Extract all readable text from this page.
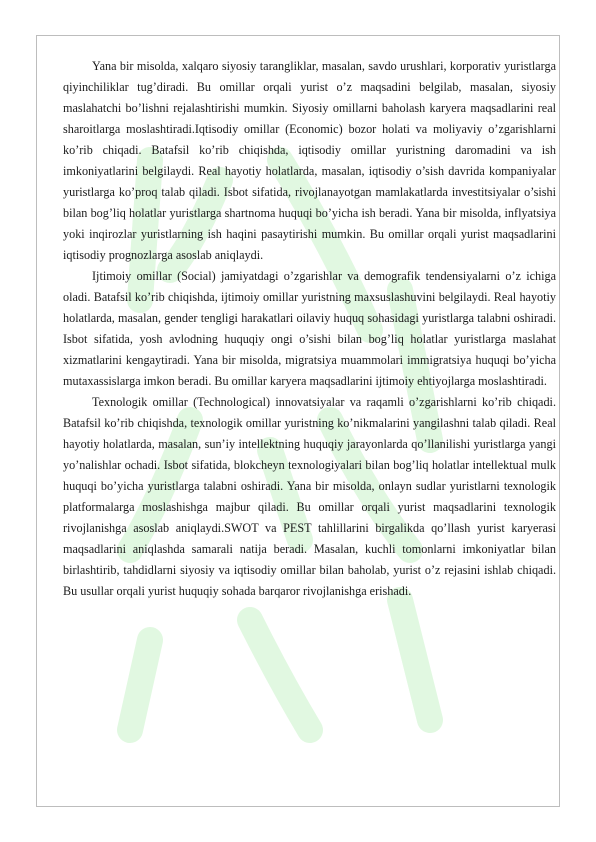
Yana bir misolda, xalqaro siyosiy tarangliklar, masalan, savdo urushlari, korporativ yuristlarga qiyinchiliklar tug’diradi. Bu omillar orqali yurist o’z maqsadini belgilab, masalan, siyosiy maslahatchi bo’lishni rejalashtirishi mumkin. Siyosiy omillarni baholash karyera maqsadlarini real sharoitlarga moslashtiradi.Iqtisodiy omillar (Economic) bozor holati va moliyaviy o’zgarishlarni ko’rib chiqadi. Batafsil ko’rib chiqishda, iqtisodiy omillar yuristning daromadini va ish imkoniyatlarini belgilaydi. Real hayotiy holatlarda, masalan, iqtisodiy o’sish davrida kompaniyalar yuristlarga ko’proq talab qiladi. Isbot sifatida, rivojlanayotgan mamlakatlarda investitsiyalar o’sishi bilan bog’liq holatlar yuristlarga shartnoma huquqi bo’yicha ish beradi. Yana bir misolda, inflyatsiya yoki inqirozlar yuristlarning ish haqini pasaytirishi mumkin. Bu omillar orqali yurist maqsadlarini iqtisodiy prognozlarga asoslab aniqlaydi.

Ijtimoiy omillar (Social) jamiyatdagi o’zgarishlar va demografik tendensiyalarni o’z ichiga oladi. Batafsil ko’rib chiqishda, ijtimoiy omillar yuristning maxsuslashuvini belgilaydi. Real hayotiy holatlarda, masalan, gender tengligi harakatlari oilaviy huquq sohasidagi yuristlarga talabni oshiradi. Isbot sifatida, yosh avlodning huquqiy ongi o’sishi bilan bog’liq holatlar yuristlarga maslahat xizmatlarini kengaytiradi. Yana bir misolda, migratsiya muammolari immigratsiya huquqi bo’yicha mutaxassislarga imkon beradi. Bu omillar karyera maqsadlarini ijtimoiy ehtiyojlarga moslashtiradi.

Texnologik omillar (Technological) innovatsiyalar va raqamli o’zgarishlarni ko’rib chiqadi. Batafsil ko’rib chiqishda, texnologik omillar yuristning ko’nikmalarini yangilashni talab qiladi. Real hayotiy holatlarda, masalan, sun’iy intellektning huquqiy jarayonlarda qo’llanilishi yuristlarga yangi yo’nalishlar ochadi. Isbot sifatida, blokcheyn texnologiyalari bilan bog’liq holatlar intellektual mulk huquqi bo’yicha yuristlarga talabni oshiradi. Yana bir misolda, onlayn sudlar yuristlarni texnologik platformalarga moslashishga majbur qiladi. Bu omillar orqali yurist maqsadlarini texnologik rivojlanishga asoslab aniqlaydi.SWOT va PEST tahlillarini birgalikda qo’llash yurist karyerasi maqsadlarini aniqlashda samarali natija beradi. Masalan, kuchli tomonlarni imkoniyatlar bilan birlashtirib, tahdidlarni siyosiy va iqtisodiy omillar bilan baholab, yurist o’z rejasini ishlab chiqadi. Bu usullar orqali yurist huquqiy sohada barqaror rivojlanishga erishadi.
